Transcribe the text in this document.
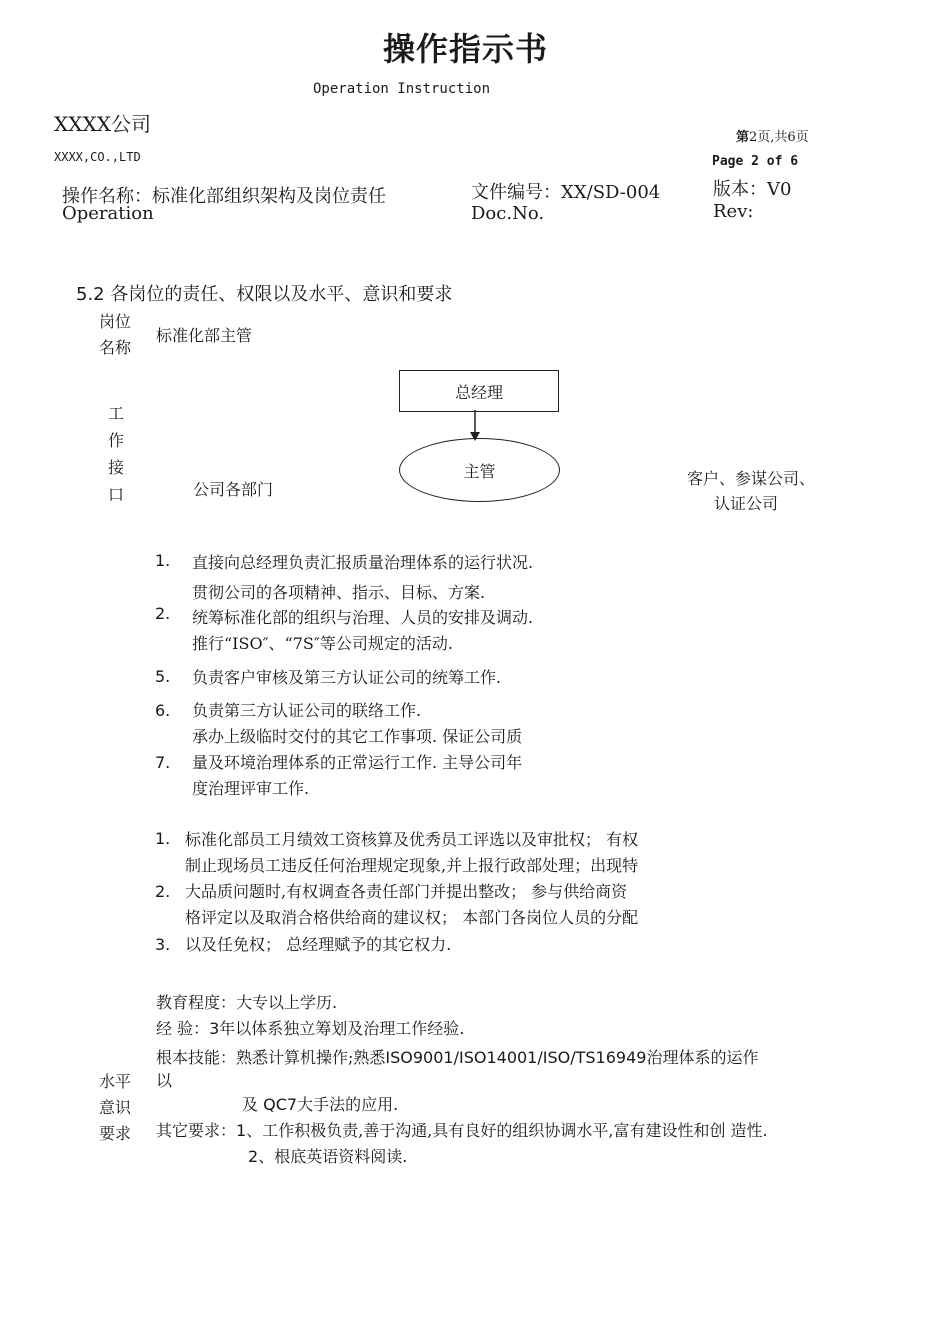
操作指示书
Operation Instruction
XXXX公司
XXXX,CO.,LTD
第2页,共6页
Page 2 of 6
操作名称：标准化部组织架构及岗位责任
Operation
文件编号：XX/SD-004
Doc.No.
版本：V0
Rev:
5.2 各岗位的责任、权限以及水平、意识和要求
岗位
名称
标准化部主管
工
作
接
口
总经理
主管
公司各部门
客户、参谋公司、
认证公司
1. 直接向总经理负责汇报质量治理体系的运行状况.
贯彻公司的各项精神、指示、目标、方案.
2. 统筹标准化部的组织与治理、人员的安排及调动.
推行“ISO″、“7S″等公司规定的活动.
5. 负责客户审核及第三方认证公司的统筹工作.
6. 负责第三方认证公司的联络工作.
承办上级临时交付的其它工作事项. 保证公司质
7. 量及环境治理体系的正常运行工作. 主导公司年
度治理评审工作.
1.
2.
3.
标准化部员工月绩效工资核算及优秀员工评选以及审批权； 有权
制止现场员工违反任何治理规定现象,并上报行政部处理；出现特
大品质问题时,有权调查各责任部门并提出整改； 参与供给商资
格评定以及取消合格供给商的建议权； 本部门各岗位人员的分配
以及任免权； 总经理赋予的其它权力.
水平
意识
要求
教育程度：大专以上学历.
经 验：3年以体系独立筹划及治理工作经验.
根本技能：熟悉计算机操作;熟悉ISO9001/ISO14001/ISO/TS16949治理体系的运作
以
及 QC7大手法的应用.
其它要求：1、工作积极负责,善于沟通,具有良好的组织协调水平,富有建设性和创 造性.
2、根底英语资料阅读.
